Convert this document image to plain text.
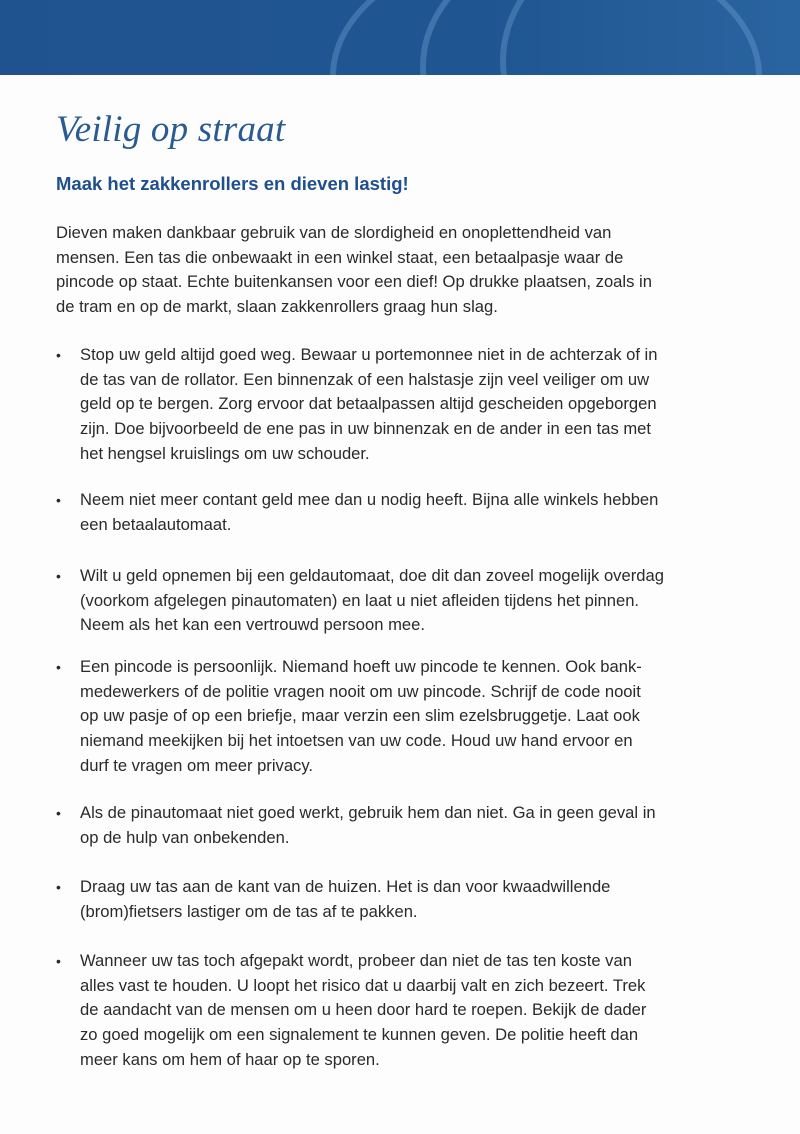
Veilig op straat
Maak het zakkenrollers en dieven lastig!
Dieven maken dankbaar gebruik van de slordigheid en onoplettendheid van
mensen. Een tas die onbewaakt in een winkel staat, een betaalpasje waar de
pincode op staat. Echte buitenkansen voor een dief! Op drukke plaatsen, zoals in
de tram en op de markt, slaan zakkenrollers graag hun slag.
• Stop uw geld altijd goed weg. Bewaar u portemonnee niet in de achterzak of in
de tas van de rollator. Een binnenzak of een halstasje zijn veel veiliger om uw
geld op te bergen. Zorg ervoor dat betaalpassen altijd gescheiden opgeborgen
zijn. Doe bijvoorbeeld de ene pas in uw binnenzak en de ander in een tas met
het hengsel kruislings om uw schouder.
• Neem niet meer contant geld mee dan u nodig heeft. Bijna alle winkels hebben
een betaalautomaat.
• Wilt u geld opnemen bij een geldautomaat, doe dit dan zoveel mogelijk overdag
(voorkom afgelegen pinautomaten) en laat u niet afleiden tijdens het pinnen.
Neem als het kan een vertrouwd persoon mee.
• Een pincode is persoonlijk. Niemand hoeft uw pincode te kennen. Ook bank-
medewerkers of de politie vragen nooit om uw pincode. Schrijf de code nooit
op uw pasje of op een briefje, maar verzin een slim ezelsbruggetje. Laat ook
niemand meekijken bij het intoetsen van uw code. Houd uw hand ervoor en
durf te vragen om meer privacy.
• Als de pinautomaat niet goed werkt, gebruik hem dan niet. Ga in geen geval in
op de hulp van onbekenden.
• Draag uw tas aan de kant van de huizen. Het is dan voor kwaadwillende
(brom)fietsers lastiger om de tas af te pakken.
• Wanneer uw tas toch afgepakt wordt, probeer dan niet de tas ten koste van
alles vast te houden. U loopt het risico dat u daarbij valt en zich bezeert. Trek
de aandacht van de mensen om u heen door hard te roepen. Bekijk de dader
zo goed mogelijk om een signalement te kunnen geven. De politie heeft dan
meer kans om hem of haar op te sporen.
